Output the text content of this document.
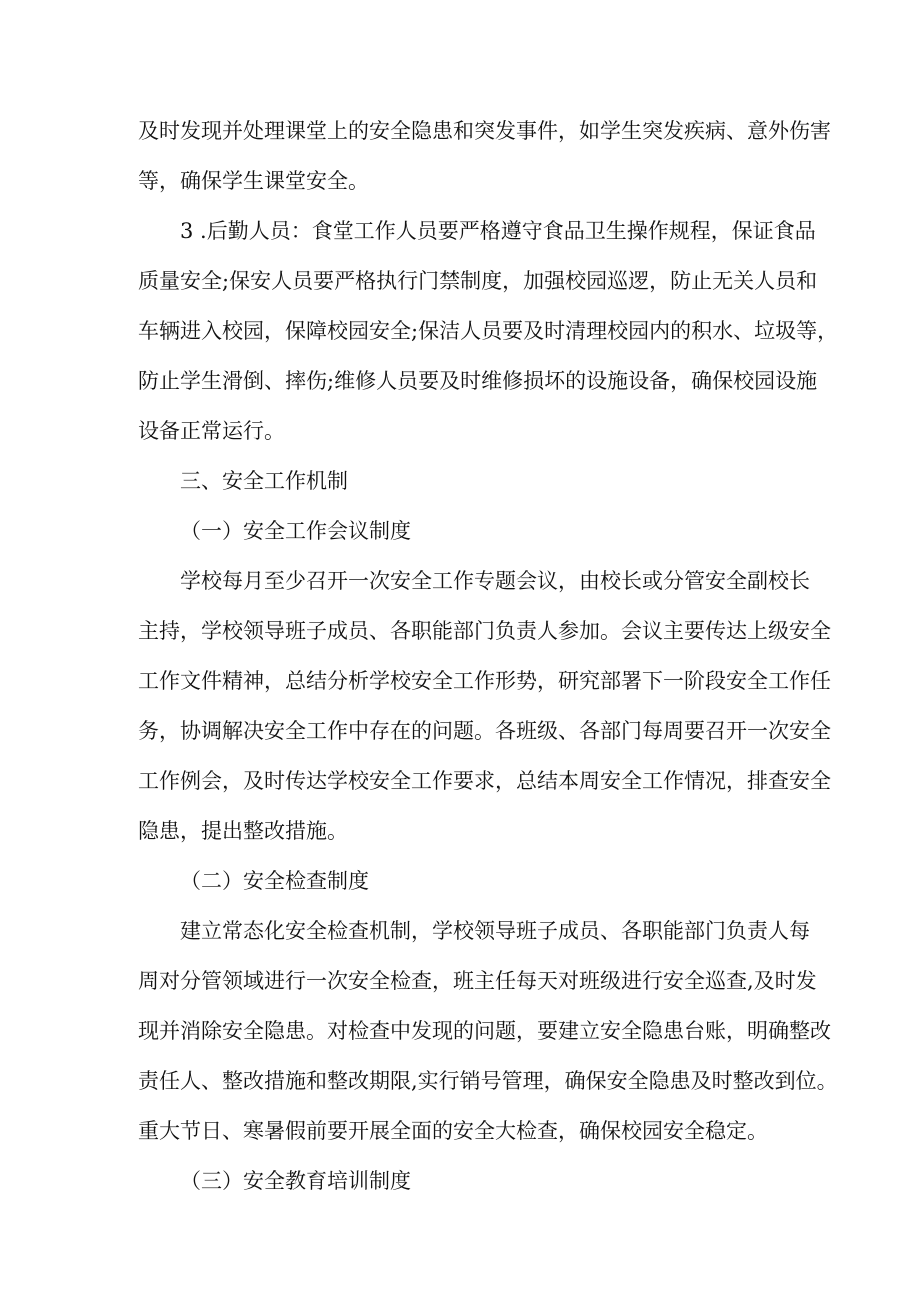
及时发现并处理课堂上的安全隐患和突发事件，如学生突发疾病、意外伤害
等，确保学生课堂安全。
3 .后勤人员：食堂工作人员要严格遵守食品卫生操作规程，保证食品
质量安全;保安人员要严格执行门禁制度，加强校园巡逻，防止无关人员和
车辆进入校园，保障校园安全;保洁人员要及时清理校园内的积水、垃圾等，
防止学生滑倒、摔伤;维修人员要及时维修损坏的设施设备，确保校园设施
设备正常运行。
三、安全工作机制
（一）安全工作会议制度
学校每月至少召开一次安全工作专题会议，由校长或分管安全副校长
主持，学校领导班子成员、各职能部门负责人参加。会议主要传达上级安全
工作文件精神，总结分析学校安全工作形势，研究部署下一阶段安全工作任
务，协调解决安全工作中存在的问题。各班级、各部门每周要召开一次安全
工作例会，及时传达学校安全工作要求，总结本周安全工作情况，排查安全
隐患，提出整改措施。
（二）安全检查制度
建立常态化安全检查机制，学校领导班子成员、各职能部门负责人每
周对分管领域进行一次安全检查，班主任每天对班级进行安全巡查,及时发
现并消除安全隐患。对检查中发现的问题，要建立安全隐患台账，明确整改
责任人、整改措施和整改期限,实行销号管理，确保安全隐患及时整改到位。
重大节日、寒暑假前要开展全面的安全大检查，确保校园安全稳定。
（三）安全教育培训制度
